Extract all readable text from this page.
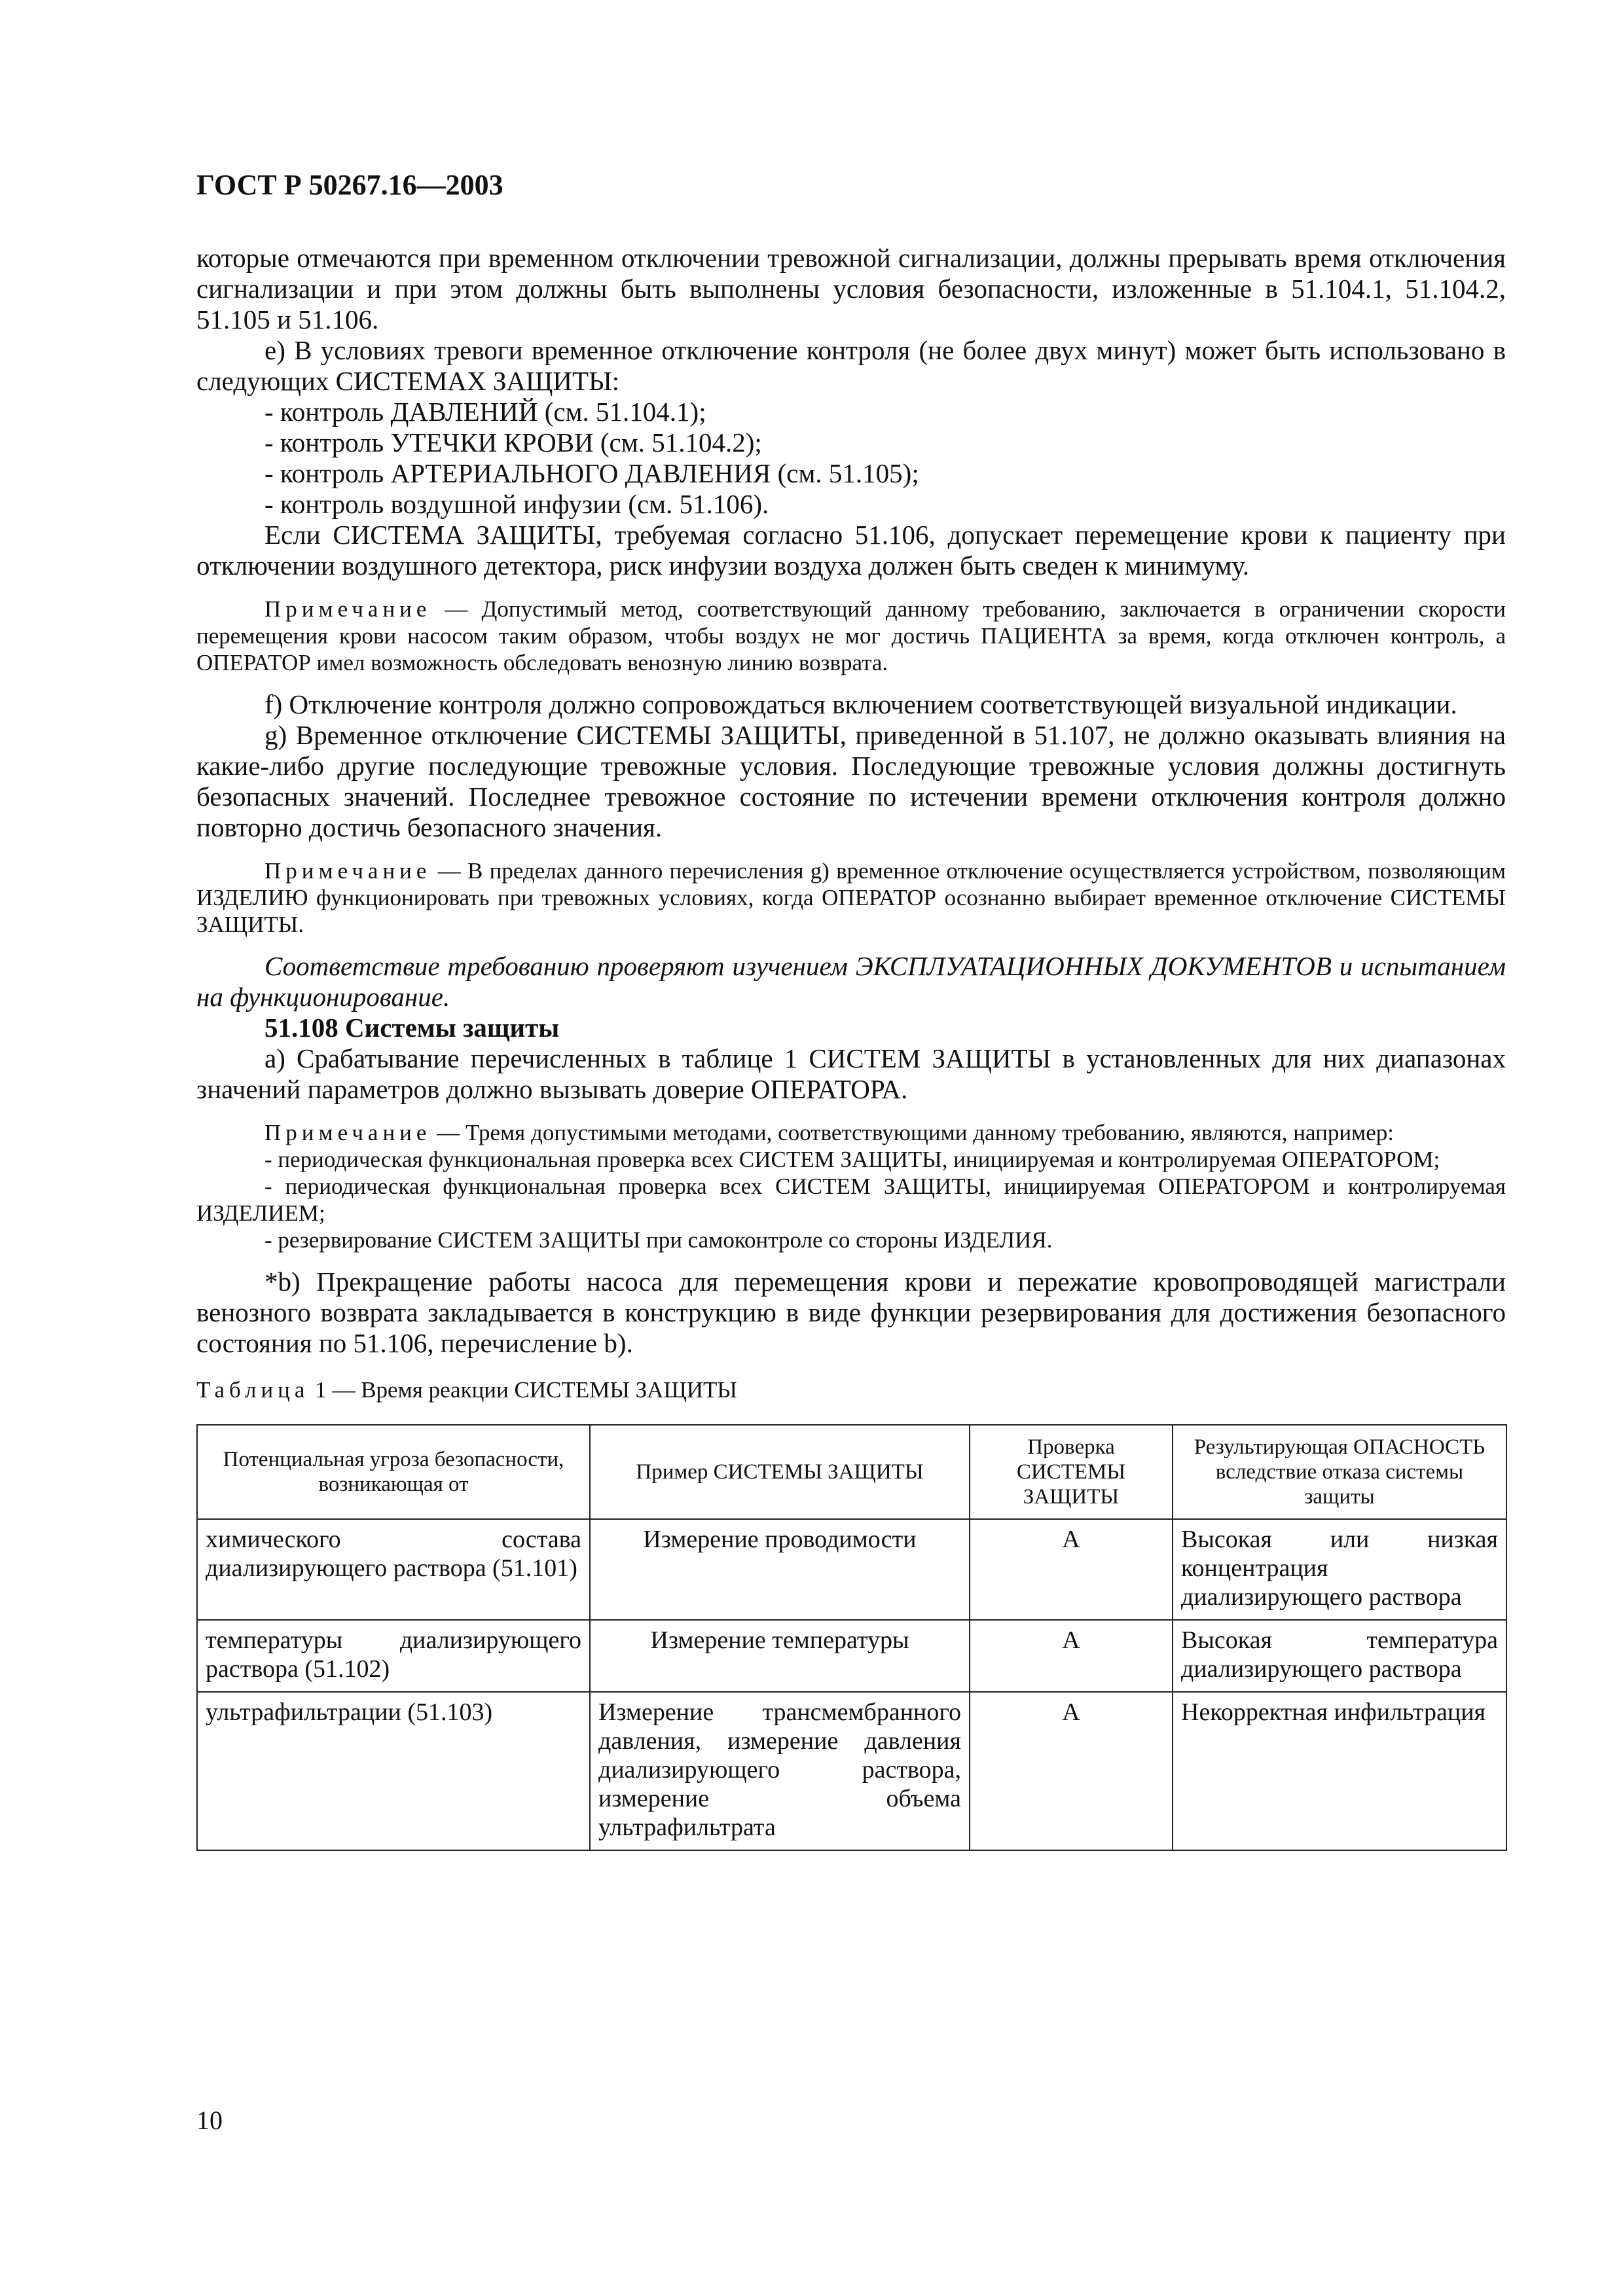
ГОСТ Р 50267.16—2003

которые отмечаются при временном отключении тревожной сигнализации, должны прерывать время отключения сигнализации и при этом должны быть выполнены условия безопасности, изложенные в 51.104.1, 51.104.2, 51.105 и 51.106.

e) В условиях тревоги временное отключение контроля (не более двух минут) может быть использовано в следующих СИСТЕМАХ ЗАЩИТЫ:

- контроль ДАВЛЕНИЙ (см. 51.104.1);
- контроль УТЕЧКИ КРОВИ (см. 51.104.2);
- контроль АРТЕРИАЛЬНОГО ДАВЛЕНИЯ (см. 51.105);
- контроль воздушной инфузии (см. 51.106).

Если СИСТЕМА ЗАЩИТЫ, требуемая согласно 51.106, допускает перемещение крови к пациенту при отключении воздушного детектора, риск инфузии воздуха должен быть сведен к минимуму.

Примечание — Допустимый метод, соответствующий данному требованию, заключается в ограничении скорости перемещения крови насосом таким образом, чтобы воздух не мог достичь ПАЦИЕНТА за время, когда отключен контроль, а ОПЕРАТОР имел возможность обследовать венозную линию возврата.

f) Отключение контроля должно сопровождаться включением соответствующей визуальной индикации.

g) Временное отключение СИСТЕМЫ ЗАЩИТЫ, приведенной в 51.107, не должно оказывать влияния на какие-либо другие последующие тревожные условия. Последующие тревожные условия должны достигнуть безопасных значений. Последнее тревожное состояние по истечении времени отключения контроля должно повторно достичь безопасного значения.

Примечание — В пределах данного перечисления g) временное отключение осуществляется устройством, позволяющим ИЗДЕЛИЮ функционировать при тревожных условиях, когда ОПЕРАТОР осознанно выбирает временное отключение СИСТЕМЫ ЗАЩИТЫ.

Соответствие требованию проверяют изучением ЭКСПЛУАТАЦИОННЫХ ДОКУМЕНТОВ и испытанием на функционирование.

51.108 Системы защиты

a) Срабатывание перечисленных в таблице 1 СИСТЕМ ЗАЩИТЫ в установленных для них диапазонах значений параметров должно вызывать доверие ОПЕРАТОРА.

Примечание — Тремя допустимыми методами, соответствующими данному требованию, являются, например:

- периодическая функциональная проверка всех СИСТЕМ ЗАЩИТЫ, инициируемая и контролируемая ОПЕРАТОРОМ;

- периодическая функциональная проверка всех СИСТЕМ ЗАЩИТЫ, инициируемая ОПЕРАТОРОМ и контролируемая ИЗДЕЛИЕМ;

- резервирование СИСТЕМ ЗАЩИТЫ при самоконтроле со стороны ИЗДЕЛИЯ.

*b) Прекращение работы насоса для перемещения крови и пережатие кровопроводящей магистрали венозного возврата закладывается в конструкцию в виде функции резервирования для достижения безопасного состояния по 51.106, перечисление b).

Таблица 1 — Время реакции СИСТЕМЫ ЗАЩИТЫ
Потенциальная угроза безопасности, возникающая от	Пример СИСТЕМЫ ЗАЩИТЫ	Проверка СИСТЕМЫ ЗАЩИТЫ	Результирующая ОПАСНОСТЬ вследствие отказа системы защиты
химического состава диализирующего раствора (51.101)	Измерение проводимости	A	Высокая или низкая концентрация диализирующего раствора
температуры диализирующего раствора (51.102)	Измерение температуры	A	Высокая температура диализирующего раствора
ультрафильтрации (51.103)	Измерение трансмембранного давления, измерение давления диализирующего раствора, измерение объема ультрафильтрата	A	Некорректная инфильтрация
10
